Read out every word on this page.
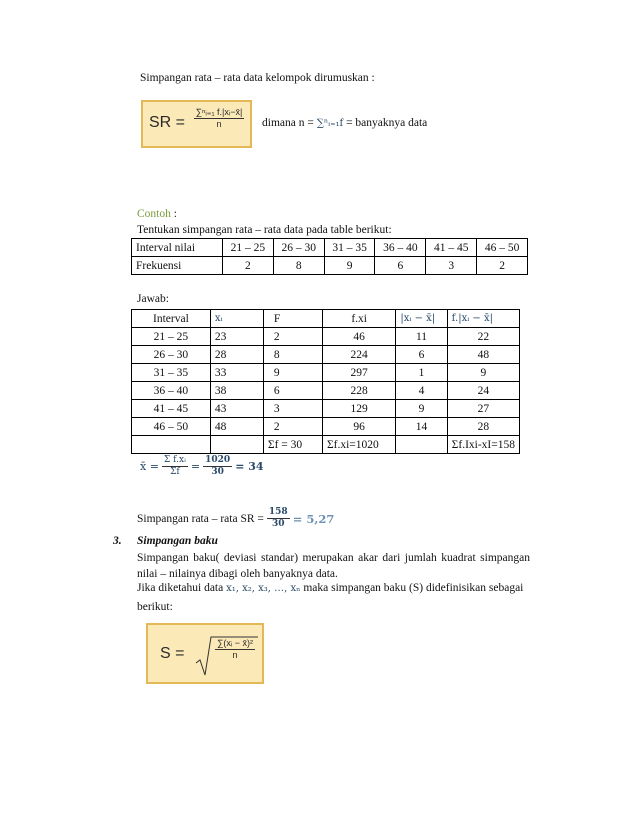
Simpangan rata – rata data kelompok dirumuskan :
SR = $\frac{\text{∑ⁿᵢ₌₁ f.|xᵢ−x̄|}}{n}$ dimana n = ∑ⁿᵢ₌₁f = banyaknya data
Contoh :
Tentukan simpangan rata – rata data pada table berikut:
Interval nilai	21 – 25	26 – 30	31 – 35	36 – 40	41 – 45	46 – 50
Frekuensi	2	8	9	6	3	2
Jawab:
Interval	xᵢ	F	f.xi	|xᵢ − x̄|	f.|xᵢ − x̄|
21 – 25	23	2	46	11	22
26 – 30	28	8	224	6	48
31 – 35	33	9	297	1	9
36 – 40	38	6	228	4	24
41 – 45	43	3	129	9	27
46 – 50	48	2	96	14	28
		Σf = 30	Σf.xi=1020		Σf.Ixi-xI=158
x̄ = $\frac{\text{Σ f.xᵢ}}{\Sigma f} = \frac{1020}{30} = 34$
Simpangan rata – rata SR = $\frac{158}{30} = 5,27$
3. Simpangan baku
Simpangan baku( deviasi standar) merupakan akar dari jumlah kuadrat simpangan nilai – nilainya dibagi oleh banyaknya data.
Jika diketahui data x₁, x₂, x₃, …, xₙ maka simpangan baku (S) didefinisikan sebagai
berikut:
S =	$\frac{\text{∑(xᵢ − x̄)²}}{n}$
